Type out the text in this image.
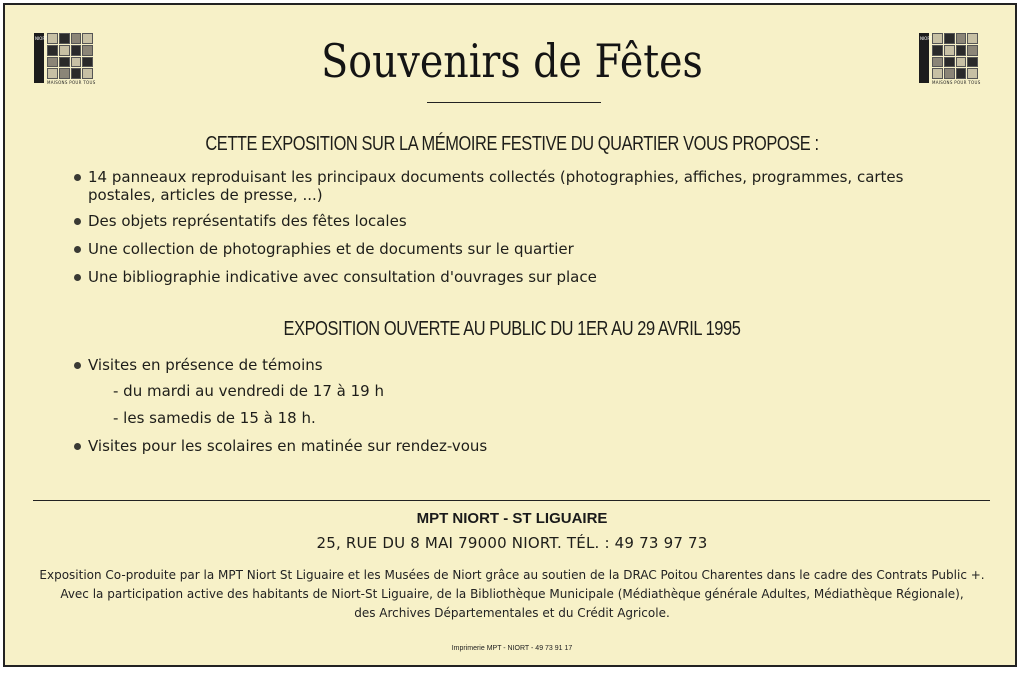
NIORT
MAISONS POUR TOUS
NIORT
MAISONS POUR TOUS
Souvenirs de Fêtes
CETTE EXPOSITION SUR LA MÉMOIRE FESTIVE DU QUARTIER VOUS PROPOSE :
14 panneaux reproduisant les principaux documents collectés (photographies, affiches, programmes, cartes postales, articles de presse, ...)
Des objets représentatifs des fêtes locales
Une collection de photographies et de documents sur le quartier
Une bibliographie indicative avec consultation d'ouvrages sur place
EXPOSITION OUVERTE AU PUBLIC DU 1ER AU 29 AVRIL 1995
Visites en présence de témoins
- du mardi au vendredi de 17 à 19 h
- les samedis de 15 à 18 h.
Visites pour les scolaires en matinée sur rendez-vous
MPT NIORT - ST LIGUAIRE
25, RUE DU 8 MAI 79000 NIORT. TÉL. : 49 73 97 73
Exposition Co-produite par la MPT Niort St Liguaire et les Musées de Niort grâce au soutien de la DRAC Poitou Charentes dans le cadre des Contrats Public +.
Avec la participation active des habitants de Niort-St Liguaire, de la Bibliothèque Municipale (Médiathèque générale Adultes, Médiathèque Régionale),
des Archives Départementales et du Crédit Agricole.
Imprimerie MPT - NIORT - 49 73 91 17
